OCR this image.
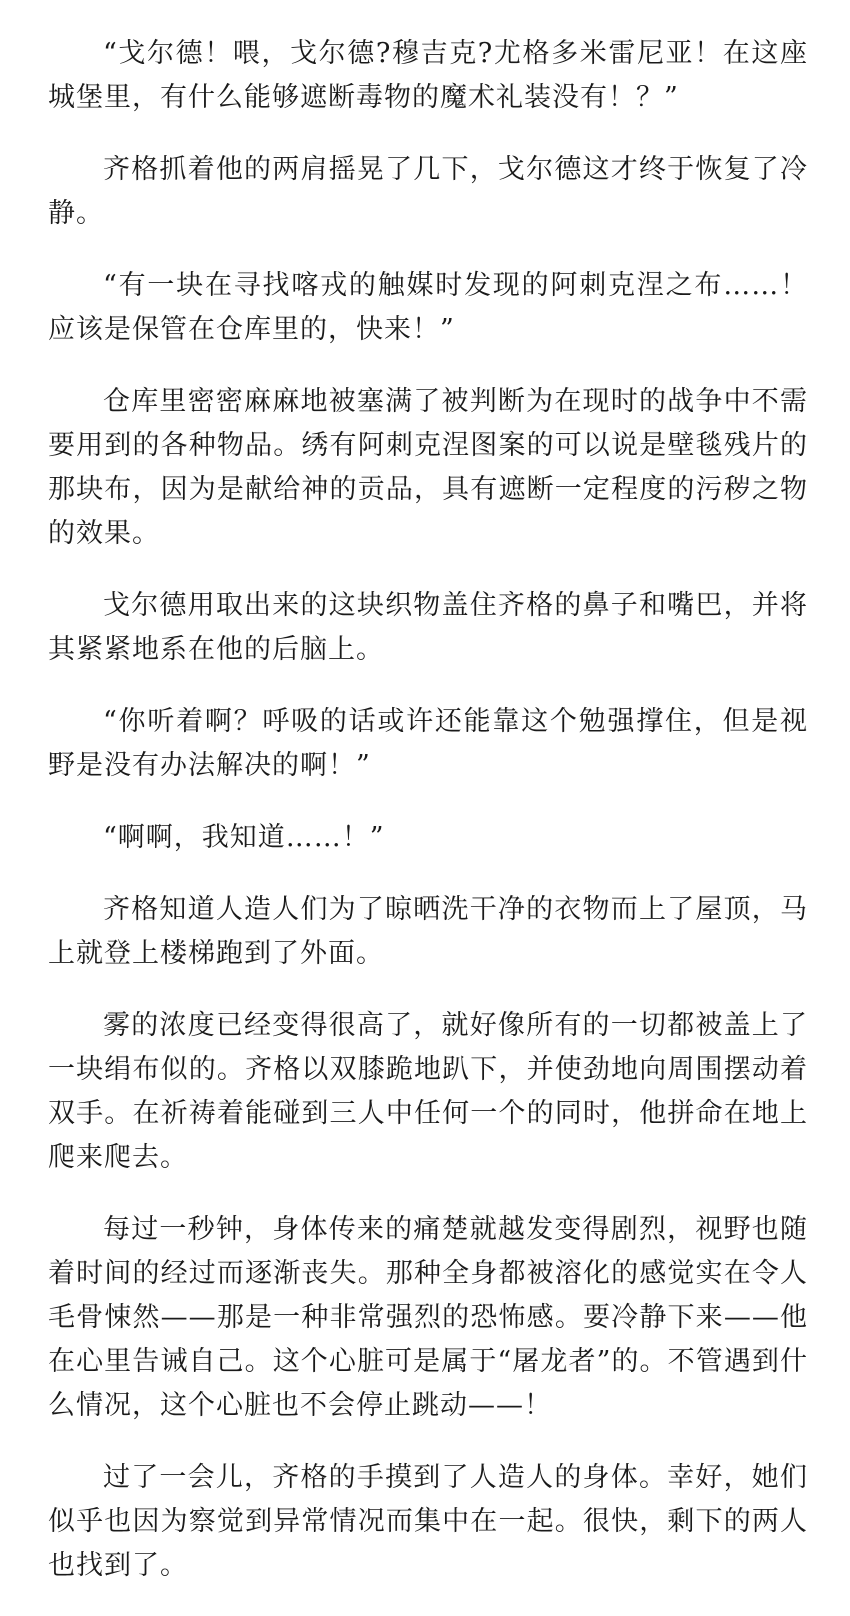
“戈尔德！喂，戈尔德?穆吉克?尤格多米雷尼亚！在这座城堡里，有什么能够遮断毒物的魔术礼装没有！？”

齐格抓着他的两肩摇晃了几下，戈尔德这才终于恢复了冷静。

“有一块在寻找喀戎的触媒时发现的阿刺克涅之布……！应该是保管在仓库里的，快来！”

仓库里密密麻麻地被塞满了被判断为在现时的战争中不需要用到的各种物品。绣有阿刺克涅图案的可以说是壁毯残片的那块布，因为是献给神的贡品，具有遮断一定程度的污秽之物的效果。

戈尔德用取出来的这块织物盖住齐格的鼻子和嘴巴，并将其紧紧地系在他的后脑上。

“你听着啊？呼吸的话或许还能靠这个勉强撑住，但是视野是没有办法解决的啊！”

“啊啊，我知道……！”

齐格知道人造人们为了晾晒洗干净的衣物而上了屋顶，马上就登上楼梯跑到了外面。

雾的浓度已经变得很高了，就好像所有的一切都被盖上了一块绢布似的。齐格以双膝跪地趴下，并使劲地向周围摆动着双手。在祈祷着能碰到三人中任何一个的同时，他拼命在地上爬来爬去。

每过一秒钟，身体传来的痛楚就越发变得剧烈，视野也随着时间的经过而逐渐丧失。那种全身都被溶化的感觉实在令人毛骨悚然——那是一种非常强烈的恐怖感。要冷静下来——他在心里告诫自己。这个心脏可是属于“屠龙者”的。不管遇到什么情况，这个心脏也不会停止跳动——！

过了一会儿，齐格的手摸到了人造人的身体。幸好，她们似乎也因为察觉到异常情况而集中在一起。很快，剩下的两人也找到了。
